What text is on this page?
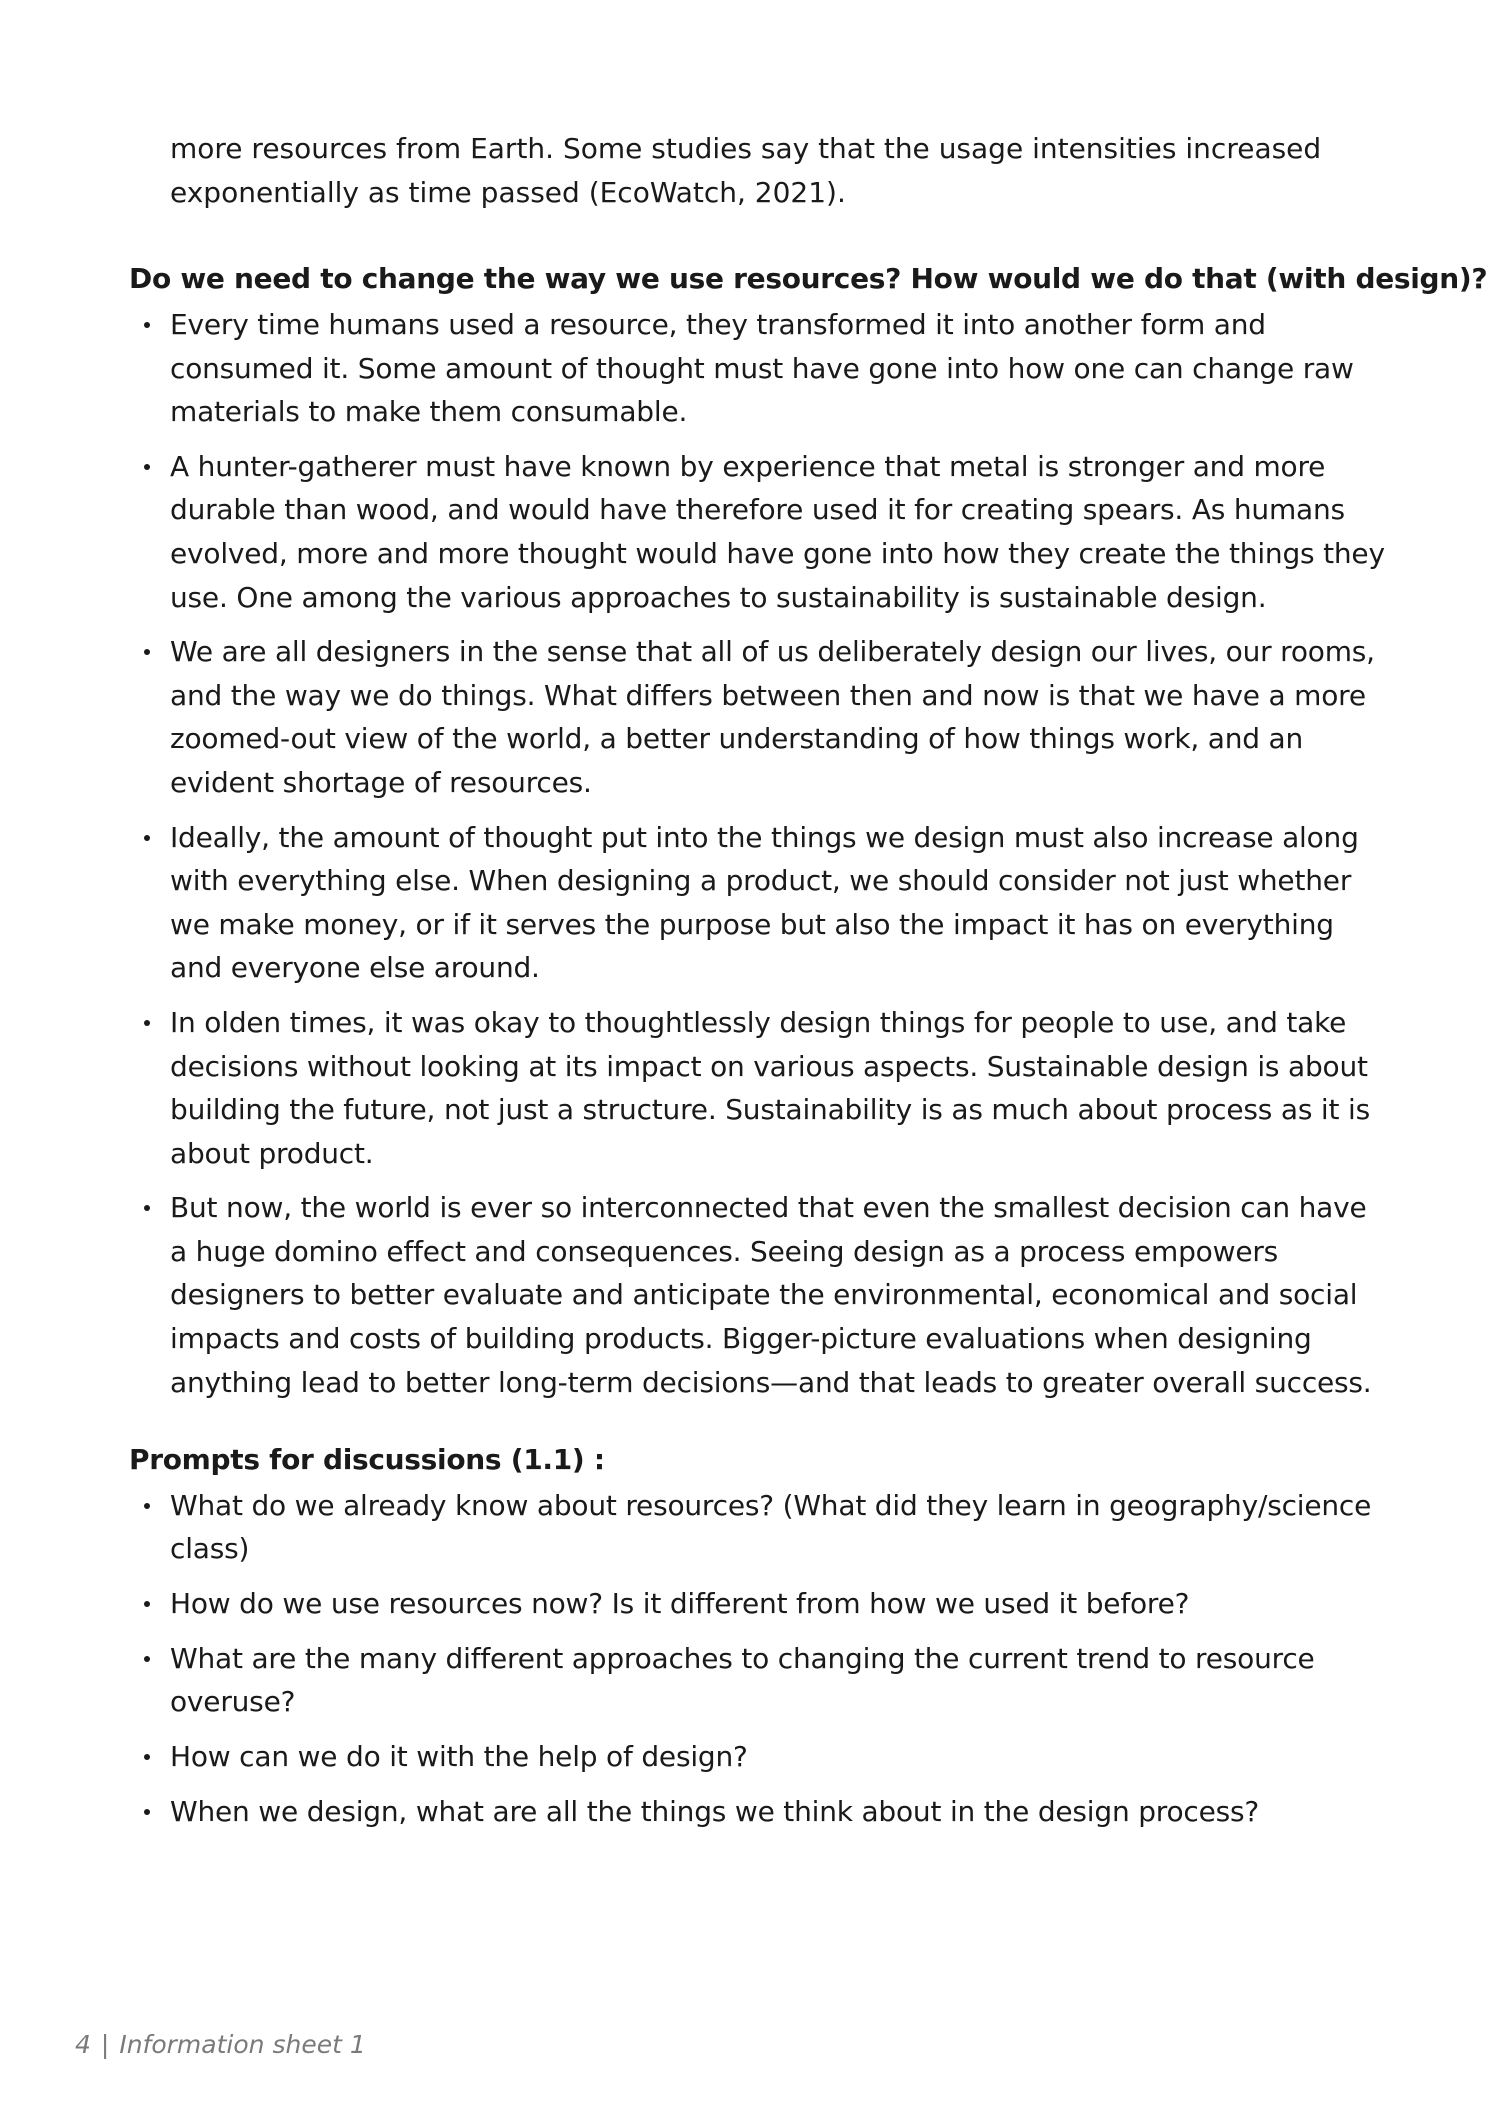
more resources from Earth. Some studies say that the usage intensities increased exponentially as time passed (EcoWatch, 2021).

Do we need to change the way we use resources? How would we do that (with design)?
Every time humans used a resource, they transformed it into another form and consumed it. Some amount of thought must have gone into how one can change raw materials to make them consumable.
A hunter-gatherer must have known by experience that metal is stronger and more durable than wood, and would have therefore used it for creating spears. As humans evolved, more and more thought would have gone into how they create the things they use. One among the various approaches to sustainability is sustainable design.
We are all designers in the sense that all of us deliberately design our lives, our rooms, and the way we do things. What differs between then and now is that we have a more zoomed-out view of the world, a better understanding of how things work, and an evident shortage of resources.
Ideally, the amount of thought put into the things we design must also increase along with everything else. When designing a product, we should consider not just whether we make money, or if it serves the purpose but also the impact it has on everything and everyone else around.
In olden times, it was okay to thoughtlessly design things for people to use, and take decisions without looking at its impact on various aspects. Sustainable design is about building the future, not just a structure. Sustainability is as much about process as it is about product.
But now, the world is ever so interconnected that even the smallest decision can have a huge domino effect and consequences. Seeing design as a process empowers designers to better evaluate and anticipate the environmental, economical and social impacts and costs of building products. Bigger-picture evaluations when designing anything lead to better long-term decisions—and that leads to greater overall success.
Prompts for discussions (1.1) :
What do we already know about resources? (What did they learn in geography/science class)
How do we use resources now? Is it different from how we used it before?
What are the many different approaches to changing the current trend to resource overuse?
How can we do it with the help of design?
When we design, what are all the things we think about in the design process?
4 | Information sheet 1
